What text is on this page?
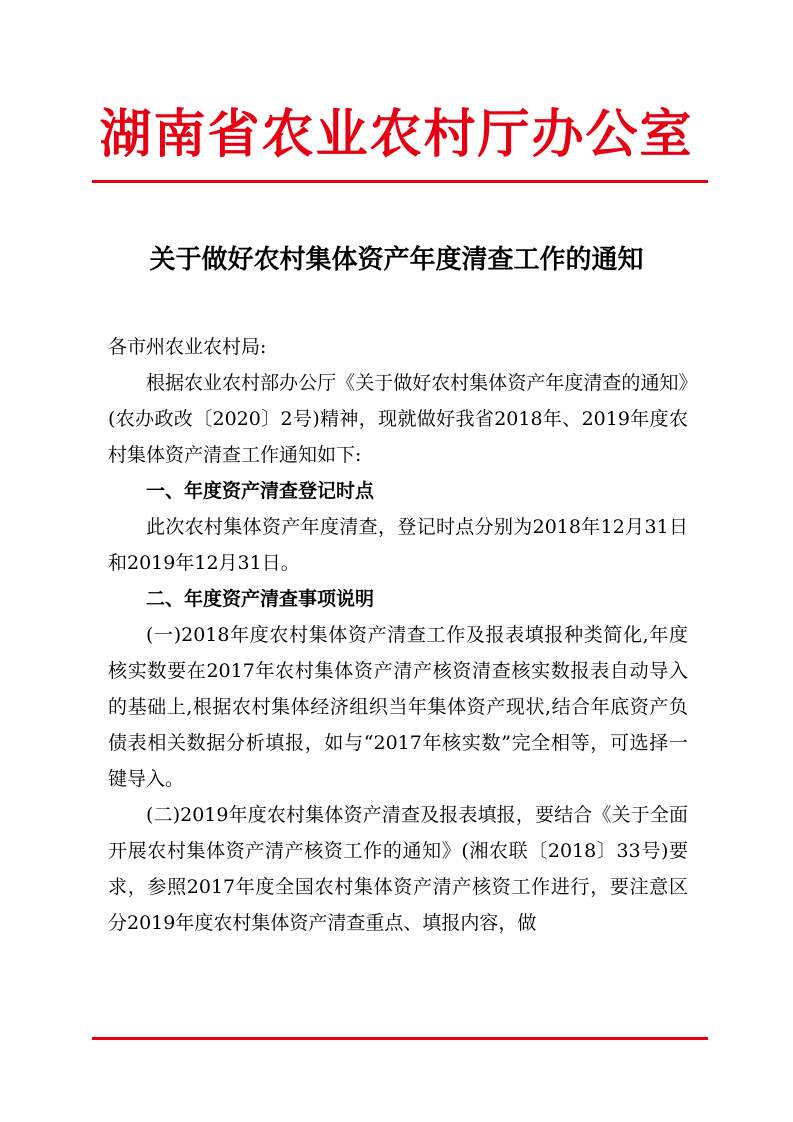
湖南省农业农村厅办公室
关于做好农村集体资产年度清查工作的通知

各市州农业农村局:

根据农业农村部办公厅《关于做好农村集体资产年度清查的通知》(农办政改〔2020〕2号)精神，现就做好我省2018年、2019年度农村集体资产清查工作通知如下:

一、年度资产清查登记时点

此次农村集体资产年度清查，登记时点分别为2018年12月31日和2019年12月31日。

二、年度资产清查事项说明

(一)2018年度农村集体资产清查工作及报表填报种类简化,年度核实数要在2017年农村集体资产清产核资清查核实数报表自动导入的基础上,根据农村集体经济组织当年集体资产现状,结合年底资产负债表相关数据分析填报，如与“2017年核实数”完全相等，可选择一键导入。

(二)2019年度农村集体资产清查及报表填报，要结合《关于全面开展农村集体资产清产核资工作的通知》(湘农联〔2018〕33号)要求，参照2017年度全国农村集体资产清产核资工作进行，要注意区分2019年度农村集体资产清查重点、填报内容，做
